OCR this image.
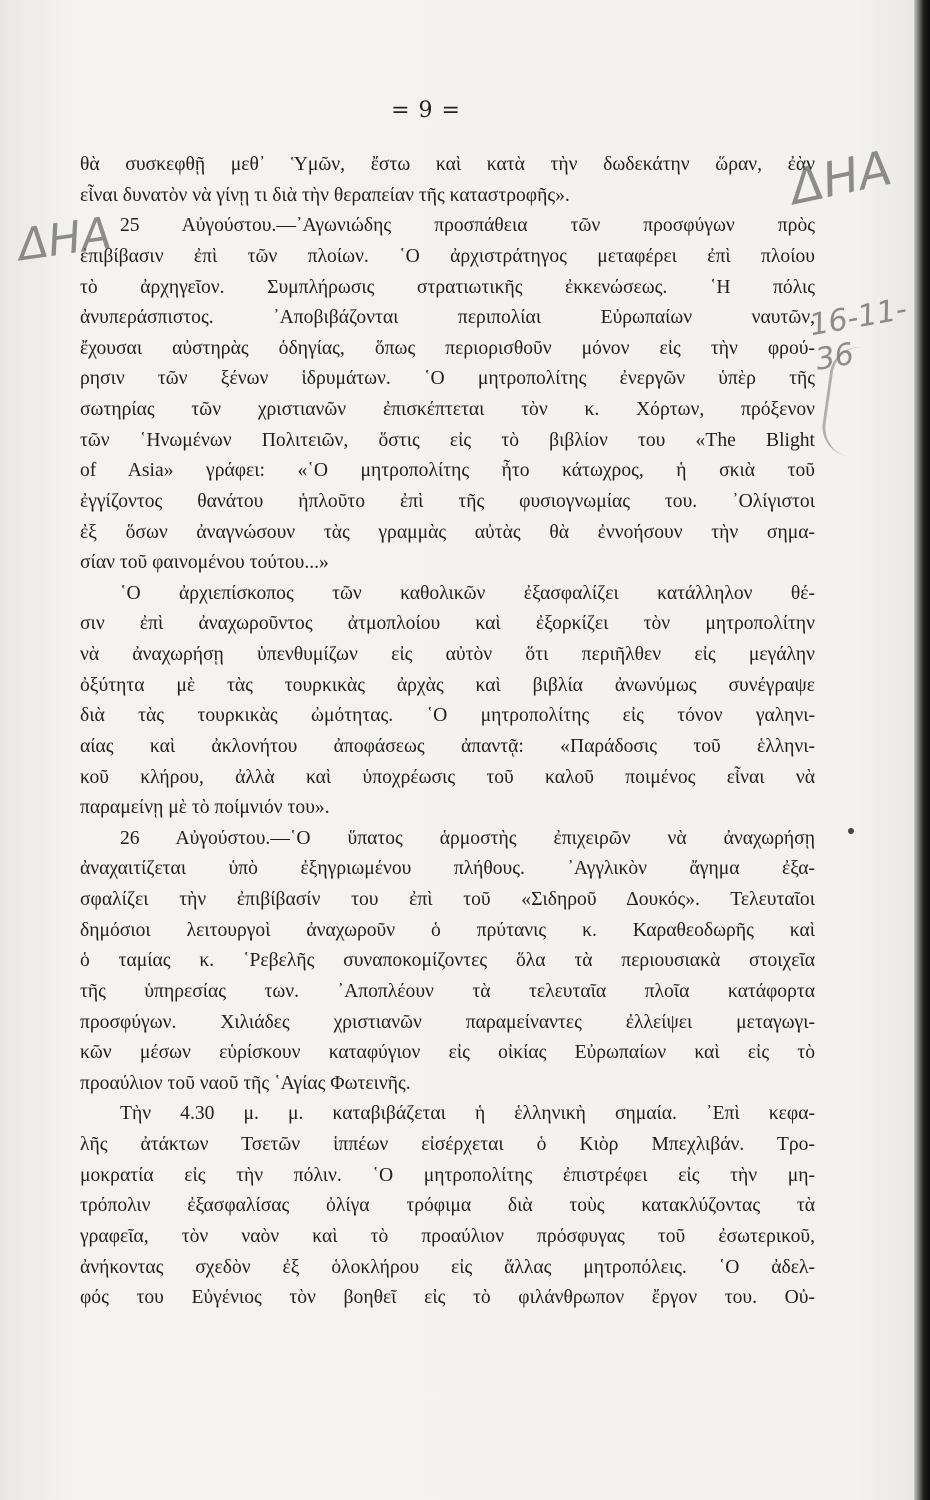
= 9 =
θὰ συσκεφθῇ μεθ᾽ Ὑμῶν, ἔστω καὶ κατὰ τὴν δωδεκάτην ὥραν, ἐὰν
εἶναι δυνατὸν νὰ γίνῃ τι διὰ τὴν θεραπείαν τῆς καταστροφῆς».
25 Αὐγούστου.—᾽Αγωνιώδης προσπάθεια τῶν προσφύγων πρὸς
ἐπιβίβασιν ἐπὶ τῶν πλοίων. ῾Ο ἀρχιστράτηγος μεταφέρει ἐπὶ πλοίου
τὸ ἀρχηγεῖον. Συμπλήρωσις στρατιωτικῆς ἐκκενώσεως. ῾Η πόλις
ἀνυπεράσπιστος. ᾽Αποβιβάζονται περιπολίαι Εὐρωπαίων ναυτῶν,
ἔχουσαι αὐστηρὰς ὁδηγίας, ὅπως περιορισθοῦν μόνον εἰς τὴν φρού-
ρησιν τῶν ξένων ἱδρυμάτων. ῾Ο μητροπολίτης ἐνεργῶν ὑπὲρ τῆς
σωτηρίας τῶν χριστιανῶν ἐπισκέπτεται τὸν κ. Χόρτων, πρόξενον
τῶν ῾Ηνωμένων Πολιτειῶν, ὅστις εἰς τὸ βιβλίον του «The Blight
of Asia» γράφει: «῾Ο μητροπολίτης ἦτο κάτωχρος, ἡ σκιὰ τοῦ
ἐγγίζοντος θανάτου ἡπλοῦτο ἐπὶ τῆς φυσιογνωμίας του. ᾽Ολίγιστοι
ἐξ ὅσων ἀναγνώσουν τὰς γραμμὰς αὐτὰς θὰ ἐννοήσουν τὴν σημα-
σίαν τοῦ φαινομένου τούτου...»
῾Ο ἀρχιεπίσκοπος τῶν καθολικῶν ἐξασφαλίζει κατάλληλον θέ-
σιν ἐπὶ ἀναχωροῦντος ἀτμοπλοίου καὶ ἐξορκίζει τὸν μητροπολίτην
νὰ ἀναχωρήσῃ ὑπενθυμίζων εἰς αὐτὸν ὅτι περιῆλθεν εἰς μεγάλην
ὀξύτητα μὲ τὰς τουρκικὰς ἀρχὰς καὶ βιβλία ἀνωνύμως συνέγραψε
διὰ τὰς τουρκικὰς ὠμότητας. ῾Ο μητροπολίτης εἰς τόνον γαληνι-
αίας καὶ ἀκλονήτου ἀποφάσεως ἀπαντᾷ: «Παράδοσις τοῦ ἑλληνι-
κοῦ κλήρου, ἀλλὰ καὶ ὑποχρέωσις τοῦ καλοῦ ποιμένος εἶναι νὰ
παραμείνῃ μὲ τὸ ποίμνιόν του».
26 Αὐγούστου.—῾Ο ὕπατος ἁρμοστὴς ἐπιχειρῶν νὰ ἀναχωρήσῃ
ἀναχαιτίζεται ὑπὸ ἐξηγριωμένου πλήθους. ᾽Αγγλικὸν ἄγημα ἐξα-
σφαλίζει τὴν ἐπιβίβασίν του ἐπὶ τοῦ «Σιδηροῦ Δουκός». Τελευταῖοι
δημόσιοι λειτουργοὶ ἀναχωροῦν ὁ πρύτανις κ. Καραθεοδωρῆς καὶ
ὁ ταμίας κ. ῾Ρεβελῆς συναποκομίζοντες ὅλα τὰ περιουσιακὰ στοιχεῖα
τῆς ὑπηρεσίας των. ᾽Αποπλέουν τὰ τελευταῖα πλοῖα κατάφορτα
προσφύγων. Χιλιάδες χριστιανῶν παραμείναντες ἐλλείψει μεταγωγι-
κῶν μέσων εὑρίσκουν καταφύγιον εἰς οἰκίας Εὐρωπαίων καὶ εἰς τὸ
προαύλιον τοῦ ναοῦ τῆς ῾Αγίας Φωτεινῆς.
Τὴν 4.30 μ. μ. καταβιβάζεται ἡ ἑλληνικὴ σημαία. ᾽Επὶ κεφα-
λῆς ἀτάκτων Τσετῶν ἱππέων εἰσέρχεται ὁ Κιὸρ Μπεχλιβάν. Τρο-
μοκρατία εἰς τὴν πόλιν. ῾Ο μητροπολίτης ἐπιστρέφει εἰς τὴν μη-
τρόπολιν ἐξασφαλίσας ὀλίγα τρόφιμα διὰ τοὺς κατακλύζοντας τὰ
γραφεῖα, τὸν ναὸν καὶ τὸ προαύλιον πρόσφυγας τοῦ ἐσωτερικοῦ,
ἀνήκοντας σχεδὸν ἐξ ὁλοκλήρου εἰς ἄλλας μητροπόλεις. ῾Ο ἀδελ-
φός του Εὐγένιος τὸν βοηθεῖ εἰς τὸ φιλάνθρωπον ἔργον του. Οὐ-
ΔΗΑ
ΔΗΑ
16-11-36
